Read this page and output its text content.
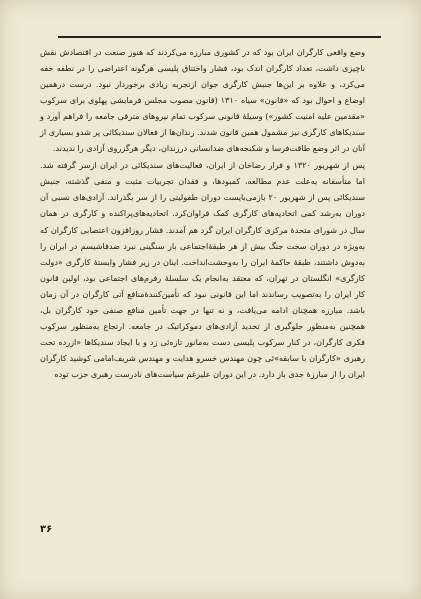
وضع واقعی کارگران ایران بود که در کشوری مبارزه می‌کردند که هنوز صنعت در اقتصادش نقش ناچیزی داشت، تعداد کارگران اندک بود، فشار واختناق پلیسی هرگونه اعتراضی را در نطفه خفه می‌کرد، و علاوه بر این‌ها جنبش کارگری جوان ازتجربه زیادی برخوردار نبود. درست درهمین اوضاع و احوال بود که «قانون» سیاه ۱۳۱۰ (قانون مصوب مجلس فرمایشی پهلوی برای سرکوب «مقدمین علیه امنیت کشور») وسیلهٔ قانونی سرکوب تمام نیروهای مترقی جامعه را فراهم آورد و سندیکاهای کارگری نیز مشمول همین قانون شدند. زندان‌ها از فعالان سندیکائی پر شدو بسیاری از آنان در اثر وضع طاقت‌فرسا و شکنجه‌های ضدانسانی درزندان، دیگر هرگزروی آزادی را ندیدند.

پس از شهریور ۱۳۲۰ و فرار رضاخان از ایران، فعالیت‌های سندیکائی در ایران ازسر گرفته شد. اما متأسفانه به‌علت عدم مطالعه، کمبودها، و فقدان تجربیات مثبت و منفی گذشته، جنبش سندیکائی پس از شهریور ۲۰ بازمی‌بایست دوران طفولیتی را از سر بگذراند. آزادی‌های نسبی آن دوران به‌رشد کمی اتحادیه‌های کارگری کمک فراوان‌کرد. اتحادیه‌های‌پراکنده و کارگری در همان سال در شورای متحدهٔ مرکزی کارگران ایران گرد هم آمدند. فشار روزافزون اعتصابی کارگران که به‌ویژه در دوران سخت جنگ بیش از هر طبقهٔ‌اجتماعی بار سنگینی نبرد ضدفاشیسم در ایران را به‌دوش داشتند، طبقهٔ حاکمهٔ ایران را به‌وحشت‌انداخت. اینان در زیر فشار وابستهٔ کارگری «دولت کارگری» انگلستان در تهران، که معتقد به‌انجام یک سلسلهٔ رفرم‌های اجتماعی بود، اولین قانون کار ایران را به‌تصویب رساندند اما این قانونی نبود که تأمین‌کنندهٔ‌منافع آتی کارگران در آن زمان باشد. مبارزه همچنان ادامه می‌یافت، و نه تنها در جهت تأمین منافع صنفی خود کارگران بل، همچنین به‌منظور جلوگیری از تحدید آزادی‌های دموکراتیک در جامعه. ارتجاع به‌منظور سرکوب فکری کارگران، در کنار سرکوب پلیسی دست به‌مانور تازه‌ئی زد و با ایجاد سندیکاها «ازرده تحت رهبری «کارگران با سابقه»ئی چون مهندس خسرو هدایت و مهندس شریف‌امامی کوشید کارگران ایران را از مبارزهٔ جدی باز دارد. در این دوران علیرغم سیاست‌های نادرست رهبری حزب توده

۳۶
